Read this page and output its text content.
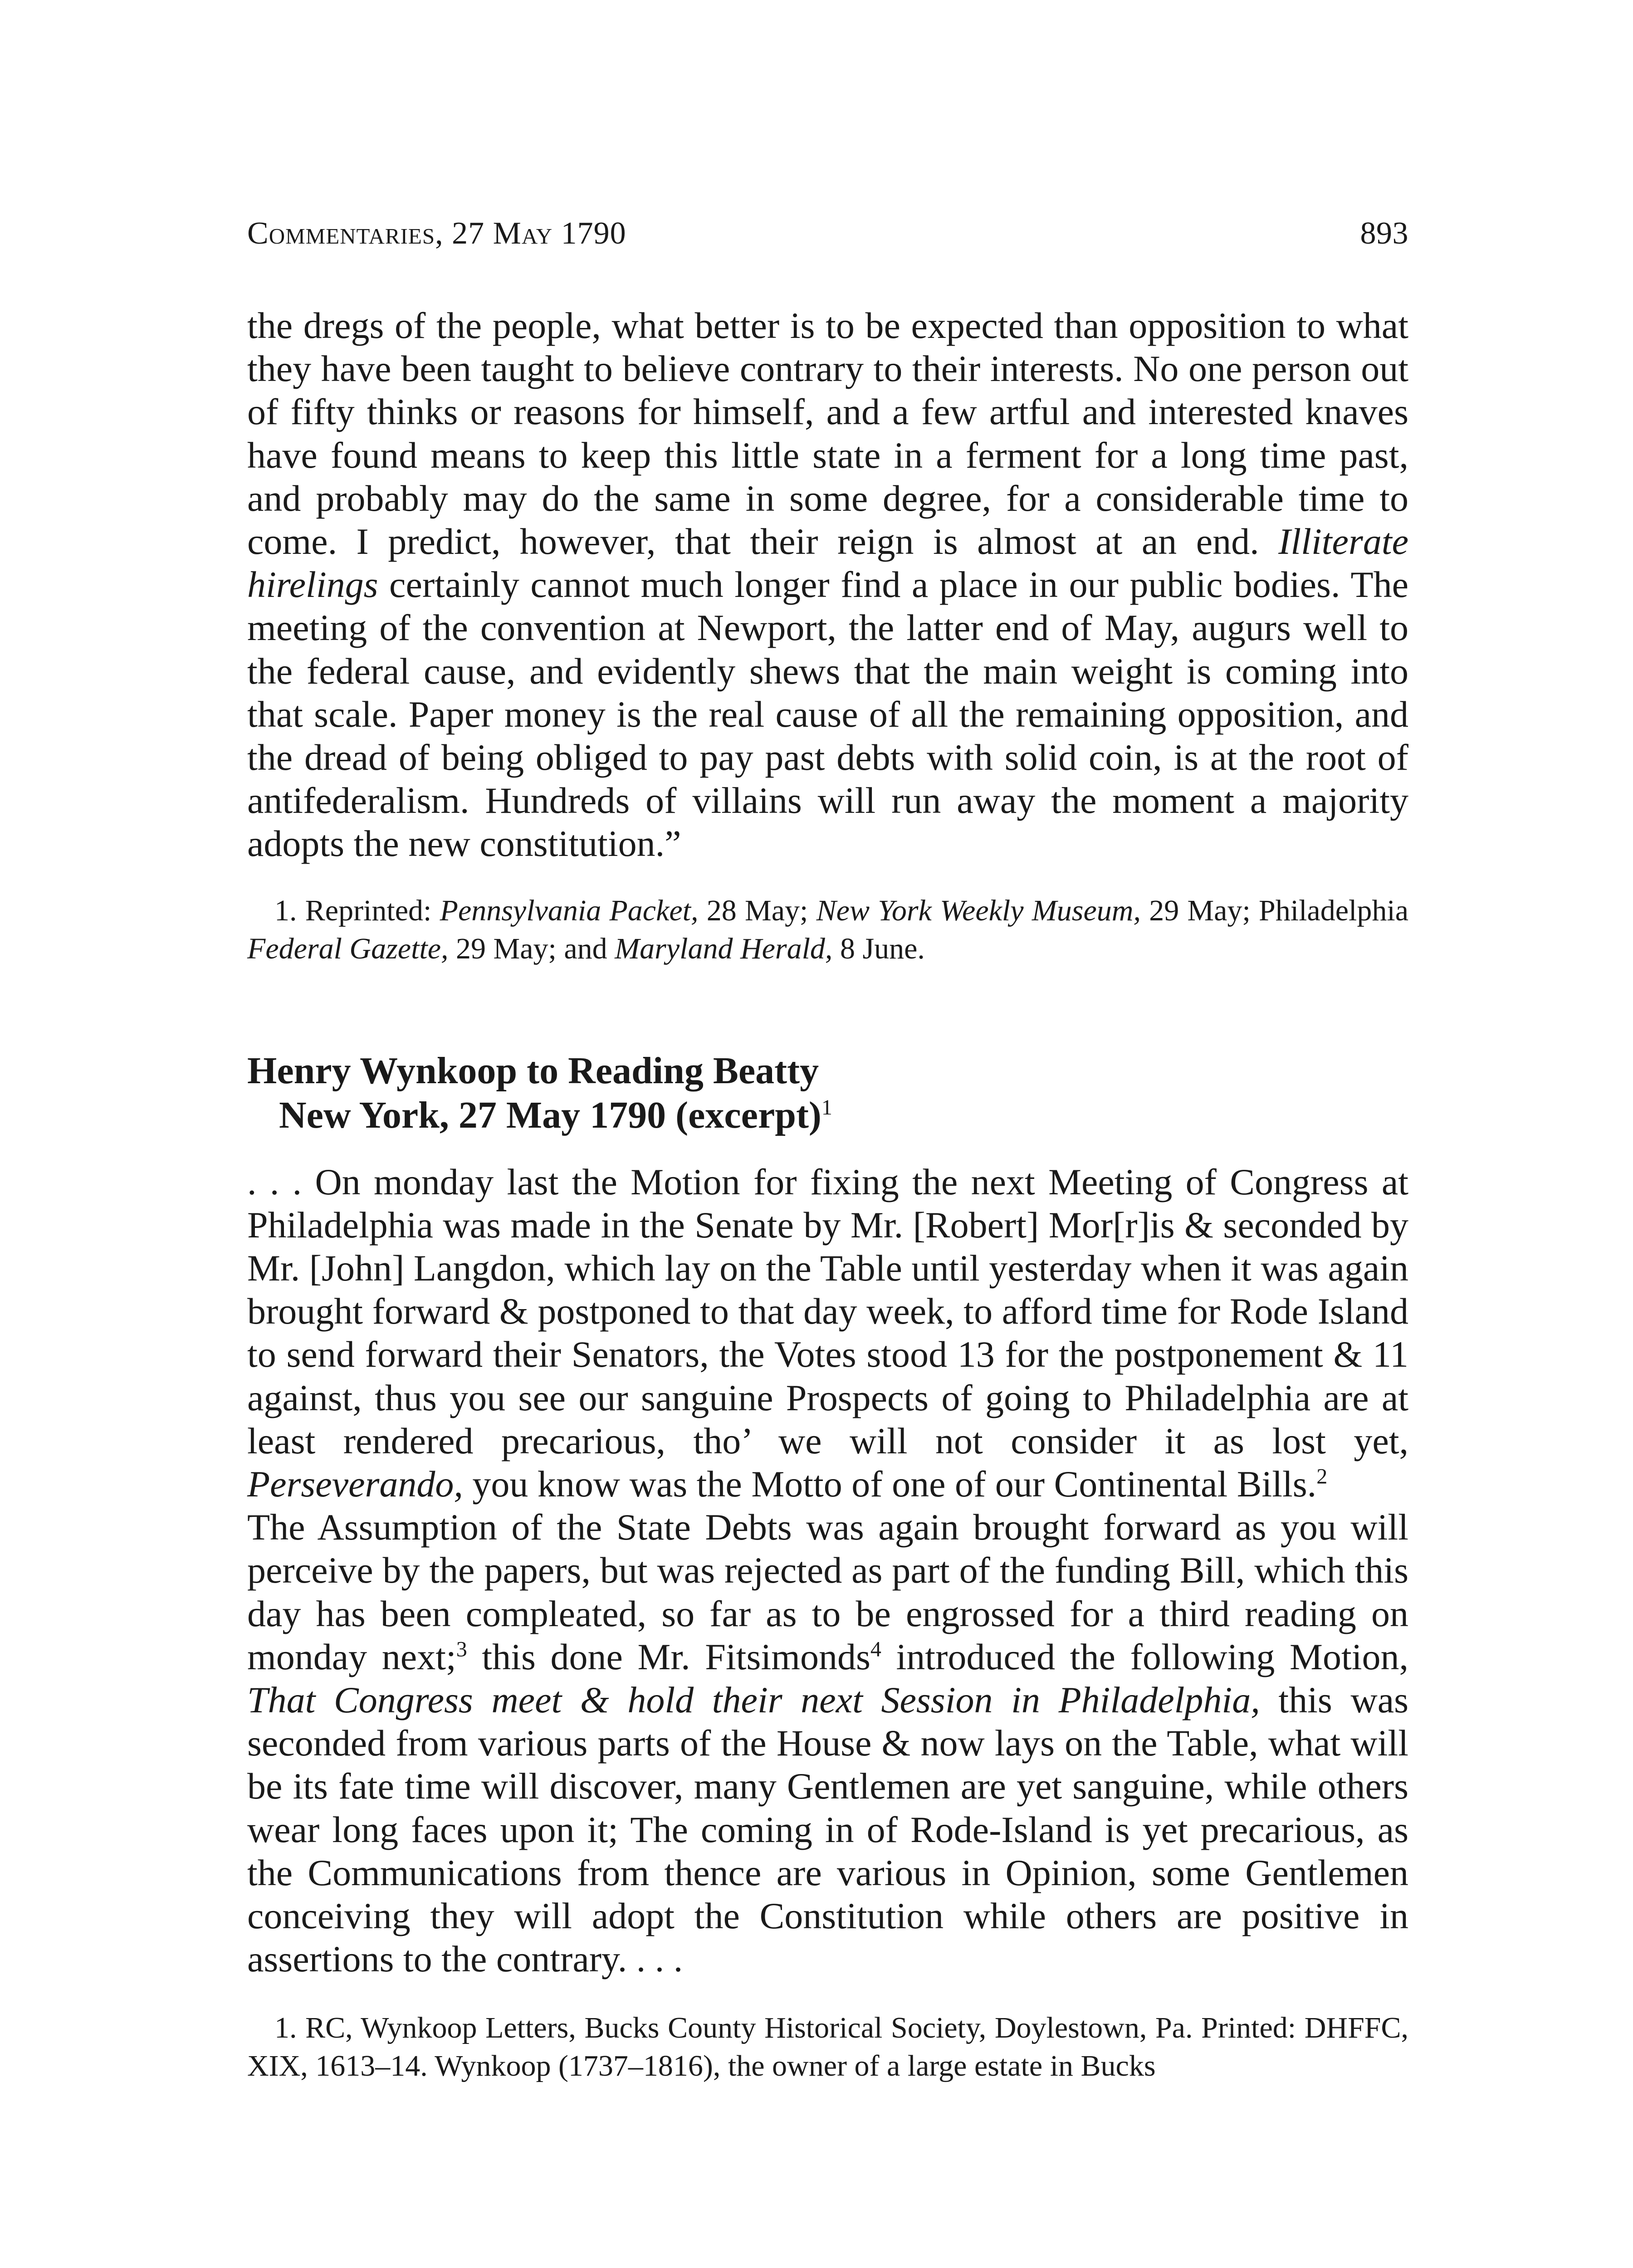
Commentaries, 27 May 1790	893

the dregs of the people, what better is to be expected than opposition to what they have been taught to believe contrary to their interests. No one person out of fifty thinks or reasons for himself, and a few artful and interested knaves have found means to keep this little state in a ferment for a long time past, and probably may do the same in some degree, for a considerable time to come. I predict, however, that their reign is almost at an end. Illiterate hirelings certainly cannot much longer find a place in our public bodies. The meeting of the convention at Newport, the latter end of May, augurs well to the federal cause, and evidently shews that the main weight is coming into that scale. Paper money is the real cause of all the remaining opposition, and the dread of being obliged to pay past debts with solid coin, is at the root of antifederalism. Hundreds of villains will run away the moment a majority adopts the new constitution.”

1. Reprinted: Pennsylvania Packet, 28 May; New York Weekly Museum, 29 May; Philadelphia Federal Gazette, 29 May; and Maryland Herald, 8 June.

Henry Wynkoop to Reading Beatty
New York, 27 May 1790 (excerpt)$^1$

. . . On monday last the Motion for fixing the next Meeting of Congress at Philadelphia was made in the Senate by Mr. [Robert] Mor[r]is & seconded by Mr. [John] Langdon, which lay on the Table until yesterday when it was again brought forward & postponed to that day week, to afford time for Rode Island to send forward their Senators, the Votes stood 13 for the postponement & 11 against, thus you see our sanguine Prospects of going to Philadelphia are at least rendered precarious, tho’ we will not consider it as lost yet, Perseverando, you know was the Motto of one of our Continental Bills.$^2$

The Assumption of the State Debts was again brought forward as you will perceive by the papers, but was rejected as part of the funding Bill, which this day has been compleated, so far as to be engrossed for a third reading on monday next;$^3$ this done Mr. Fitsimonds$^4$ introduced the following Motion, That Congress meet & hold their next Session in Philadelphia, this was seconded from various parts of the House & now lays on the Table, what will be its fate time will discover, many Gentlemen are yet sanguine, while others wear long faces upon it; The coming in of Rode-Island is yet precarious, as the Communications from thence are various in Opinion, some Gentlemen conceiving they will adopt the Constitution while others are positive in assertions to the contrary. . . .

1. RC, Wynkoop Letters, Bucks County Historical Society, Doylestown, Pa. Printed: DHFFC, XIX, 1613–14. Wynkoop (1737–1816), the owner of a large estate in Bucks
